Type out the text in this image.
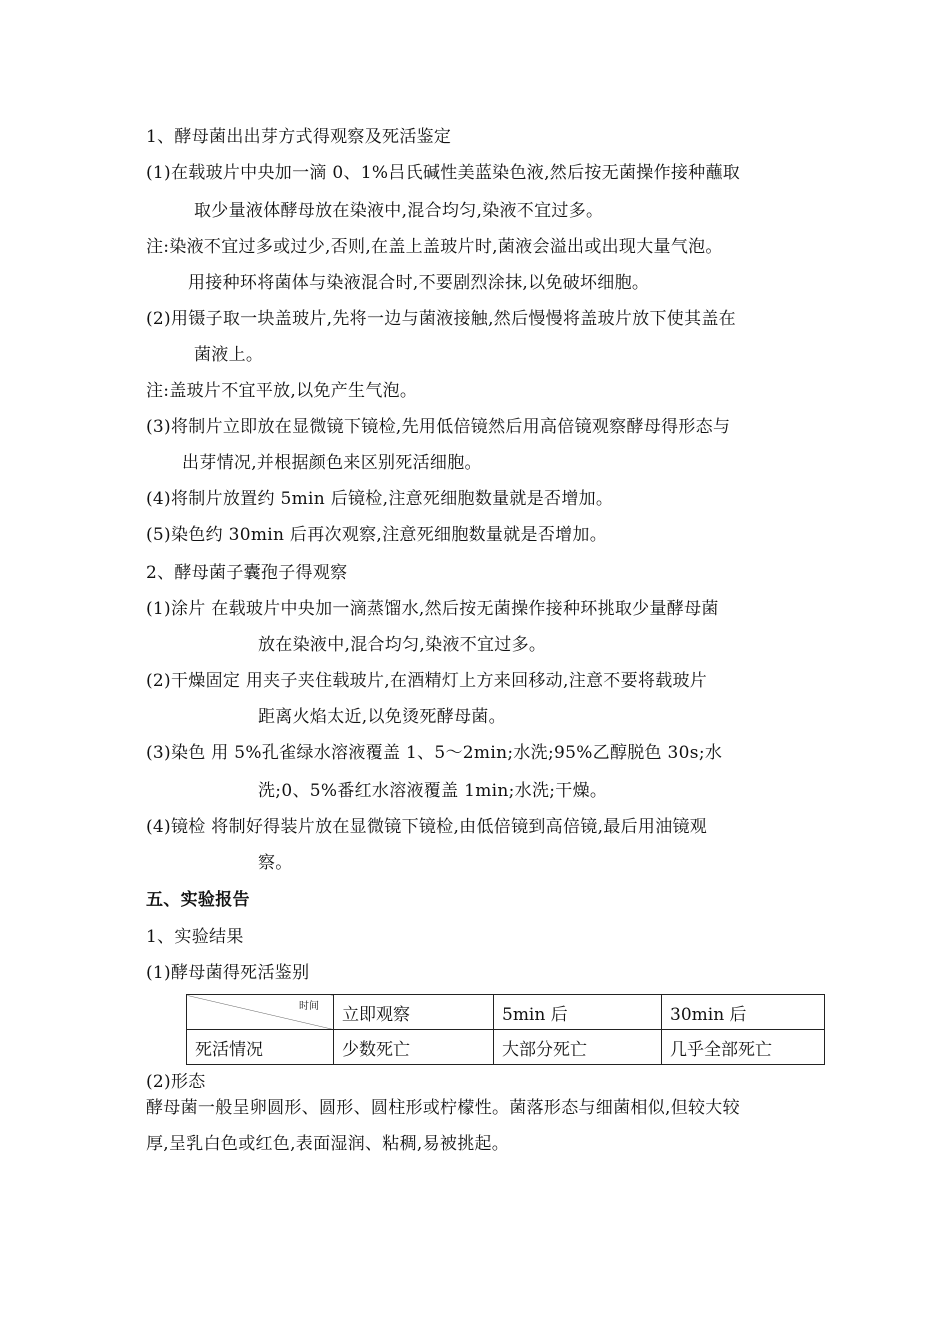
1、酵母菌出出芽方式得观察及死活鉴定
(1)在载玻片中央加一滴 0、1%吕氏碱性美蓝染色液,然后按无菌操作接种蘸取
取少量液体酵母放在染液中,混合均匀,染液不宜过多。
注:染液不宜过多或过少,否则,在盖上盖玻片时,菌液会溢出或出现大量气泡。
用接种环将菌体与染液混合时,不要剧烈涂抹,以免破坏细胞。
(2)用镊子取一块盖玻片,先将一边与菌液接触,然后慢慢将盖玻片放下使其盖在
菌液上。
注:盖玻片不宜平放,以免产生气泡。
(3)将制片立即放在显微镜下镜检,先用低倍镜然后用高倍镜观察酵母得形态与
出芽情况,并根据颜色来区别死活细胞。
(4)将制片放置约 5min 后镜检,注意死细胞数量就是否增加。
(5)染色约 30min 后再次观察,注意死细胞数量就是否增加。
2、酵母菌子囊孢子得观察
(1)涂片 在载玻片中央加一滴蒸馏水,然后按无菌操作接种环挑取少量酵母菌
放在染液中,混合均匀,染液不宜过多。
(2)干燥固定 用夹子夹住载玻片,在酒精灯上方来回移动,注意不要将载玻片
距离火焰太近,以免烫死酵母菌。
(3)染色 用 5%孔雀绿水溶液覆盖 1、5～2min;水洗;95%乙醇脱色 30s;水
洗;0、5%番红水溶液覆盖 1min;水洗;干燥。
(4)镜检 将制好得装片放在显微镜下镜检,由低倍镜到高倍镜,最后用油镜观
察。
五、实验报告
1、实验结果
(1)酵母菌得死活鉴别
时间	立即观察	5min 后	30min 后
死活情况	少数死亡	大部分死亡	几乎全部死亡
(2)形态
酵母菌一般呈卵圆形、圆形、圆柱形或柠檬性。菌落形态与细菌相似,但较大较
厚,呈乳白色或红色,表面湿润、粘稠,易被挑起。
